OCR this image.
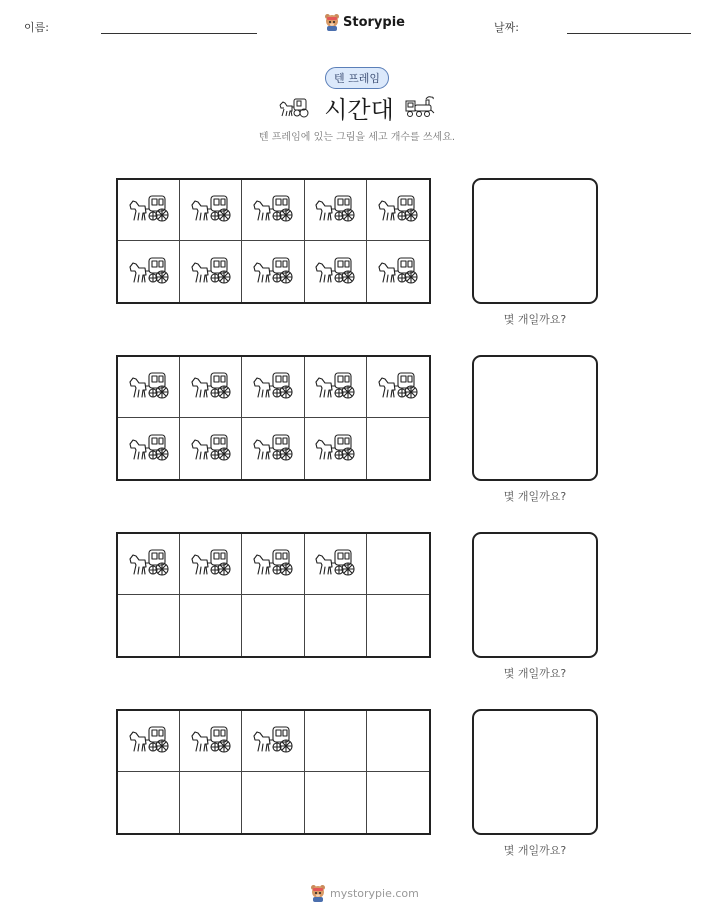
이름:	Storypie	날짜:
텐 프레임
시간대
텐 프레임에 있는 그림을 세고 개수를 쓰세요.
몇 개일까요?
몇 개일까요?
몇 개일까요?
몇 개일까요?
mystorypie.com
